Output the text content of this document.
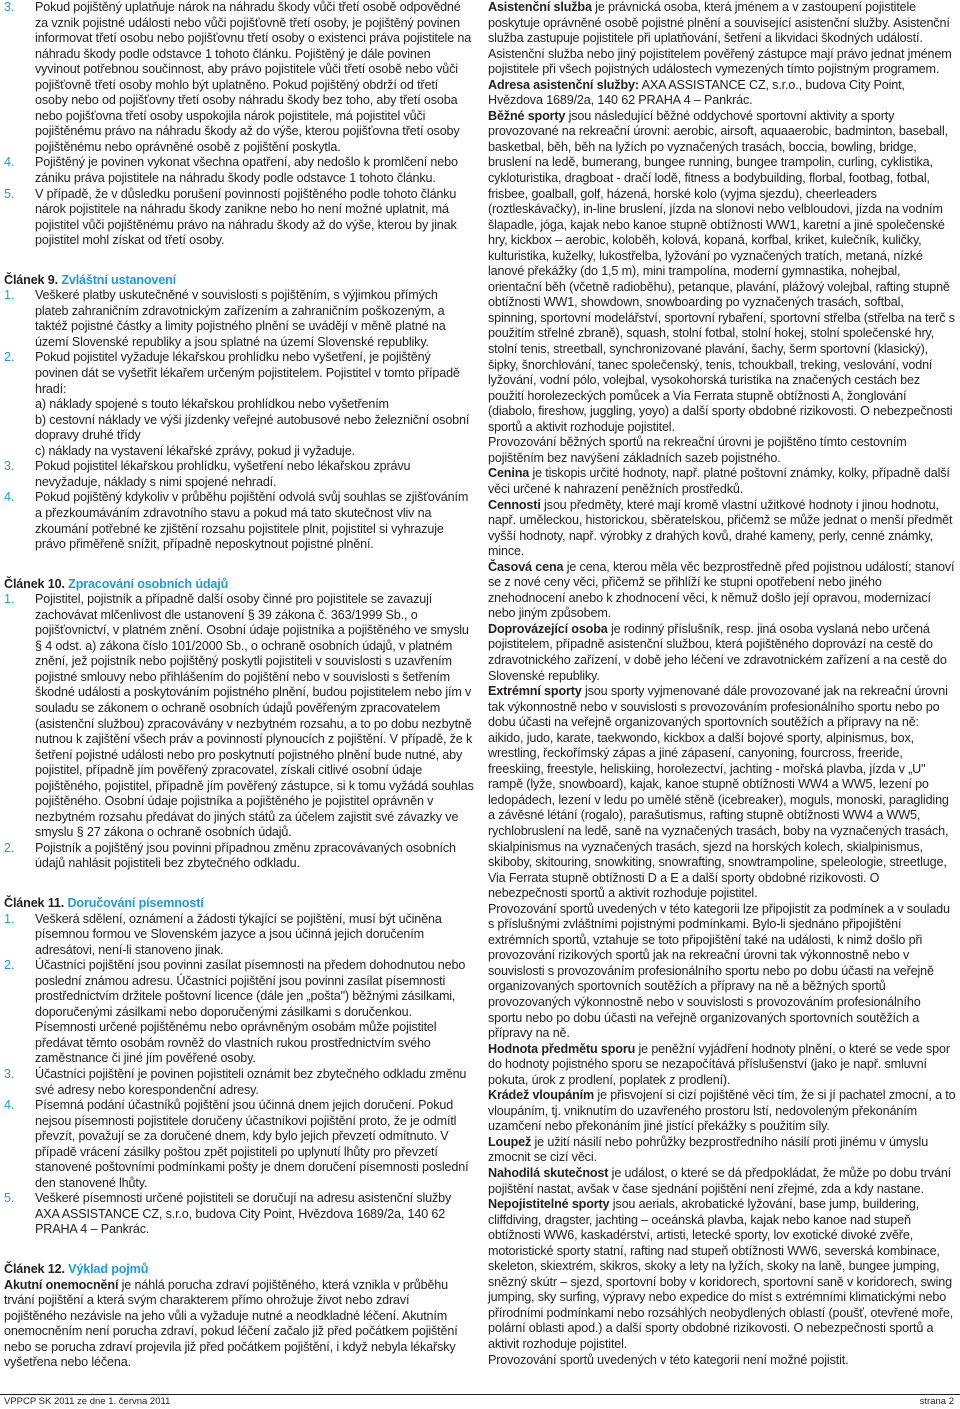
3. Pokud pojištěný uplatňuje nárok na náhradu škody vůči třetí osobě odpovědné za vznik pojistné události nebo vůči pojišťovně třetí osoby, je pojištěný povinen informovat třetí osobu nebo pojišťovnu třetí osoby o existenci práva pojistitele na náhradu škody podle odstavce 1 tohoto článku. Pojištěný je dále povinen vyvinout potřebnou součinnost, aby právo pojistitele vůči třetí osobě nebo vůči pojišťovně třetí osoby mohlo být uplatněno. Pokud pojištěný obdrží od třetí osoby nebo od pojišťovny třetí osoby náhradu škody bez toho, aby třetí osoba nebo pojišťovna třetí osoby uspokojila nárok pojistitele, má pojistitel vůči pojištěnému právo na náhradu škody až do výše, kterou pojišťovna třetí osoby pojištěnému nebo oprávněné osobě z pojištění poskytla.
4. Pojištěný je povinen vykonat všechna opatření, aby nedošlo k promlčení nebo zániku práva pojistitele na náhradu škody podle odstavce 1 tohoto článku.
5. V případě, že v důsledku porušení povinností pojištěného podle tohoto článku nárok pojistitele na náhradu škody zanikne nebo ho není možné uplatnit, má pojistitel vůči pojištěnému právo na náhradu škody až do výše, kterou by jinak pojistitel mohl získat od třetí osoby.
Článek 9. Zvláštní ustanovení
1. Veškeré platby uskutečněné v souvislosti s pojištěním, s výjimkou přímých plateb zahraničním zdravotnickým zařízením a zahraničním poškozeným, a taktéž pojistné částky a limity pojistného plnění se uvádějí v měně platné na území Slovenské republiky a jsou splatné na území Slovenské republiky.
2. Pokud pojistitel vyžaduje lékařskou prohlídku nebo vyšetření, je pojištěný povinen dát se vyšetřit lékařem určeným pojistitelem. Pojistitel v tomto případě hradí:
a) náklady spojené s touto lékařskou prohlídkou nebo vyšetřením
b) cestovní náklady ve výši jízdenky veřejné autobusové nebo železniční osobní dopravy druhé třídy
c) náklady na vystavení lékařské zprávy, pokud ji vyžaduje.
3. Pokud pojistitel lékařskou prohlídku, vyšetření nebo lékařskou zprávu nevyžaduje, náklady s nimi spojené nehradí.
4. Pokud pojištěný kdykoliv v průběhu pojištění odvolá svůj souhlas se zjišťováním a přezkoumáváním zdravotního stavu a pokud má tato skutečnost vliv na zkoumání potřebné ke zjištění rozsahu pojistitele plnit, pojistitel si vyhrazuje právo přiměřeně snížit, případně neposkytnout pojistné plnění.
Článek 10. Zpracování osobních údajů
1. Pojistitel, pojistník a případně další osoby činné pro pojistitele se zavazují zachovávat mlčenlivost dle ustanovení § 39 zákona č. 363/1999 Sb., o pojišťovnictví, v platném znění. Osobní údaje pojistníka a pojištěného ve smyslu § 4 odst. a) zákona číslo 101/2000 Sb., o ochraně osobních údajů, v platném znění, jež pojistník nebo pojištěný poskytli pojistiteli v souvislosti s uzavřením pojistné smlouvy nebo přihlášením do pojištění nebo v souvislosti s šetřením škodné události a poskytováním pojistného plnění, budou pojistitelem nebo jím v souladu se zákonem o ochraně osobních údajů pověřeným zpracovatelem (asistenční službou) zpracovávány v nezbytném rozsahu, a to po dobu nezbytně nutnou k zajištění všech práv a povinností plynoucích z pojištění. V případě, že k šetření pojistné události nebo pro poskytnutí pojistného plnění bude nutné, aby pojistitel, případně jím pověřený zpracovatel, získali citlivé osobní údaje pojištěného, pojistitel, případně jím pověřený zástupce, si k tomu vyžádá souhlas pojištěného. Osobní údaje pojistníka a pojištěného je pojistitel oprávněn v nezbytném rozsahu předávat do jiných států za účelem zajistit své závazky ve smyslu § 27 zákona o ochraně osobních údajů.
2. Pojistník a pojištěný jsou povinni případnou změnu zpracovávaných osobních údajů nahlásit pojistiteli bez zbytečného odkladu.
Článek 11. Doručování písemností
1. Veškerá sdělení, oznámení a žádosti týkající se pojištění, musí být učiněna písemnou formou ve Slovenském jazyce a jsou účinná jejich doručením adresátovi, není-li stanoveno jinak.
2. Účastníci pojištění jsou povinni zasílat písemnosti na předem dohodnutou nebo poslední známou adresu. Účastníci pojištění jsou povinni zasílat písemnosti prostřednictvím držitele poštovní licence (dále jen „pošta") běžnými zásilkami, doporučenými zásilkami nebo doporučenými zásilkami s doručenkou. Písemnosti určené pojištěnému nebo oprávněným osobám může pojistitel předávat těmto osobám rovněž do vlastních rukou prostřednictvím svého zaměstnance či jiné jím pověřené osoby.
3. Účastníci pojištění je povinen pojistiteli oznámit bez zbytečného odkladu změnu své adresy nebo korespondenční adresy.
4. Písemná podání účastníků pojištění jsou účinná dnem jejich doručení. Pokud nejsou písemnosti pojistitele doručeny účastníkovi pojištění proto, že je odmítl převzít, považují se za doručené dnem, kdy bylo jejich převzetí odmítnuto. V případě vrácení zásilky poštou zpět pojistiteli po uplynutí lhůty pro převzetí stanovené poštovními podmínkami pošty je dnem doručení písemnosti poslední den stanovené lhůty.
5. Veškeré písemnosti určené pojistiteli se doručují na adresu asistenční služby AXA ASSISTANCE CZ, s.r.o, budova City Point, Hvězdova 1689/2a, 140 62 PRAHA 4 – Pankrác.
Článek 12. Výklad pojmů

Akutní onemocnění je náhlá porucha zdraví pojištěného, která vznikla v průběhu trvání pojištění a která svým charakterem přímo ohrožuje život nebo zdraví pojištěného nezávisle na jeho vůli a vyžaduje nutné a neodkladné léčení. Akutním onemocněním není porucha zdraví, pokud léčení začalo již před počátkem pojištění nebo se porucha zdraví projevila již před počátkem pojištění, i když nebyla lékařsky vyšetřena nebo léčena.

Asistenční služba je právnická osoba, která jménem a v zastoupení pojistitele poskytuje oprávněné osobě pojistné plnění a související asistenční služby. Asistenční služba zastupuje pojistitele při uplatňování, šetření a likvidaci škodných událostí. Asistenční služba nebo jiný pojistitelem pověřený zástupce mají právo jednat jménem pojistitele při všech pojistných událostech vymezených tímto pojistným programem. Adresa asistenční služby: AXA ASSISTANCE CZ, s.r.o., budova City Point, Hvězdova 1689/2a, 140 62 PRAHA 4 – Pankrác.

Běžné sporty jsou následující běžné oddychové sportovní aktivity a sporty provozované na rekreační úrovni: aerobic, airsoft, aquaaerobic, badminton, baseball, basketbal, běh, běh na lyžích po vyznačených trasách, boccia, bowling, bridge, bruslení na ledě, bumerang, bungee running, bungee trampolin, curling, cyklistika, cykloturistika, dragboat - dračí lodě, fitness a bodybuilding, florbal, footbag, fotbal, frisbee, goalball, golf, házená, horské kolo (vyjma sjezdu), cheerleaders (roztleskávačky), in-line bruslení, jízda na slonovi nebo velbloudovi, jízda na vodním šlapadle, jóga, kajak nebo kanoe stupně obtížnosti WW1, karetní a jiné společenské hry, kickbox – aerobic, koloběh, kolová, kopaná, korfbal, kriket, kulečník, kuličky, kulturistika, kuželky, lukostřelba, lyžování po vyznačených tratích, metaná, nízké lanové překážky (do 1,5 m), mini trampolína, moderní gymnastika, nohejbal, orientační běh (včetně radioběhu), petanque, plavání, plážový volejbal, rafting stupně obtížnosti WW1, showdown, snowboarding po vyznačených trasách, softbal, spinning, sportovní modelářství, sportovní rybaření, sportovní střelba (střelba na terč s použitím střelné zbraně), squash, stolní fotbal, stolní hokej, stolní společenské hry, stolní tenis, streetball, synchronizované plavání, šachy, šerm sportovní (klasický), šipky, šnorchlování, tanec společenský, tenis, tchoukball, treking, veslování, vodní lyžování, vodní pólo, volejbal, vysokohorská turistika na značených cestách bez použití horolezeckých pomůcek a Via Ferrata stupně obtížnosti A, žonglování (diabolo, fireshow, juggling, yoyo) a další sporty obdobné rizikovosti. O nebezpečnosti sportů a aktivit rozhoduje pojistitel.

Provozování běžných sportů na rekreační úrovni je pojištěno tímto cestovním pojištěním bez navýšení základních sazeb pojistného.

Cenina je tiskopis určité hodnoty, např. platné poštovní známky, kolky, případně další věci určené k nahrazení peněžních prostředků.

Cennosti jsou předměty, které mají kromě vlastní užitkové hodnoty i jinou hodnotu, např. uměleckou, historickou, sběratelskou, přičemž se může jednat o menší předmět vyšší hodnoty, např. výrobky z drahých kovů, drahé kameny, perly, cenné známky, mince.

Časová cena je cena, kterou měla věc bezprostředně před pojistnou událostí; stanoví se z nové ceny věci, přičemž se přihlíží ke stupni opotřebení nebo jiného znehodnocení anebo k zhodnocení věci, k němuž došlo její opravou, modernizací nebo jiným způsobem.

Doprovázející osoba je rodinný příslušník, resp. jiná osoba vyslaná nebo určená pojistitelem, případně asistenční službou, která pojištěného doprovází na cestě do zdravotnického zařízení, v době jeho léčení ve zdravotnickém zařízení a na cestě do Slovenské republiky.

Extrémní sporty jsou sporty vyjmenované dále provozované jak na rekreační úrovni tak výkonnostně nebo v souvislosti s provozováním profesionálního sportu nebo po dobu účasti na veřejně organizovaných sportovních soutěžích a přípravy na ně: aikido, judo, karate, taekwondo, kickbox a další bojové sporty, alpinismus, box, wrestling, řeckořímský zápas a jiné zápasení, canyoning, fourcross, freeride, freeskiing, freestyle, heliskiing, horolezectví, jachting - mořská plavba, jízda v „U" rampě (lyže, snowboard), kajak, kanoe stupně obtížnosti WW4 a WW5, lezení po ledopádech, lezení v ledu po umělé stěně (icebreaker), moguls, monoski, paragliding a závěsné létání (rogalo), parašutismus, rafting stupně obtížnosti WW4 a WW5, rychlobruslení na ledě, saně na vyznačených trasách, boby na vyznačených trasách, skialpinismus na vyznačených trasách, sjezd na horských kolech, skialpinismus, skiboby, skitouring, snowkiting, snowrafting, snowtrampoline, speleologie, streetluge, Via Ferrata stupně obtížnosti D a E a další sporty obdobné rizikovosti. O nebezpečnosti sportů a aktivit rozhoduje pojistitel.

Provozování sportů uvedených v této kategorii lze připojistit za podmínek a v souladu s příslušnými zvláštními pojistnými podmínkami. Bylo-li sjednáno připojištění extrémních sportů, vztahuje se toto připojištění také na události, k nimž došlo při provozování rizikových sportů jak na rekreační úrovni tak výkonnostně nebo v souvislosti s provozováním profesionálního sportu nebo po dobu účasti na veřejně organizovaných sportovních soutěžích a přípravy na ně a běžných sportů provozovaných výkonnostně nebo v souvislosti s provozováním profesionálního sportu nebo po dobu účasti na veřejně organizovaných sportovních soutěžích a přípravy na ně.

Hodnota předmětu sporu je peněžní vyjádření hodnoty plnění, o které se vede spor do hodnoty pojistného sporu se nezapočítává příslušenství (jako je např. smluvní pokuta, úrok z prodlení, poplatek z prodlení).

Krádež vloupáním je přisvojení si cizí pojištěné věci tím, že si jí pachatel zmocní, a to vloupáním, tj. vniknutím do uzavřeného prostoru lstí, nedovoleným překonáním uzamčení nebo překonáním jiné jistící překážky s použitím síly.

Loupež je užití násilí nebo pohrůžky bezprostředního násilí proti jinému v úmyslu zmocnit se cizí věci.

Nahodilá skutečnost je událost, o které se dá předpokládat, že může po dobu trvání pojištění nastat, avšak v čase sjednání pojištění není zřejmé, zda a kdy nastane.

Nepojistitelné sporty jsou aerials, akrobatické lyžování, base jump, buildering, cliffdiving, dragster, jachting – oceánská plavba, kajak nebo kanoe nad stupeň obtížnosti WW6, kaskadérství, artisti, letecké sporty, lov exotické divoké zvěře, motoristické sporty statní, rafting nad stupeň obtížnosti WW6, severská kombinace, skeleton, skiextrém, skikros, skoky a lety na lyžích, skoky na laně, bungee jumping, snězný skútr – sjezd, sportovní boby v koridorech, sportovní saně v koridorech, swing jumping, sky surfing, výpravy nebo expedice do míst s extrémními klimatickými nebo přírodními podmínkami nebo rozsáhlých neobydlených oblastí (poušť, otevřené moře, polární oblasti apod.) a další sporty obdobné rizikovosti. O nebezpečnosti sportů a aktivit rozhoduje pojistitel.

Provozování sportů uvedených v této kategorii není možné pojistit.

VPPCP SK 2011 ze dne 1. června 2011	strana 2
